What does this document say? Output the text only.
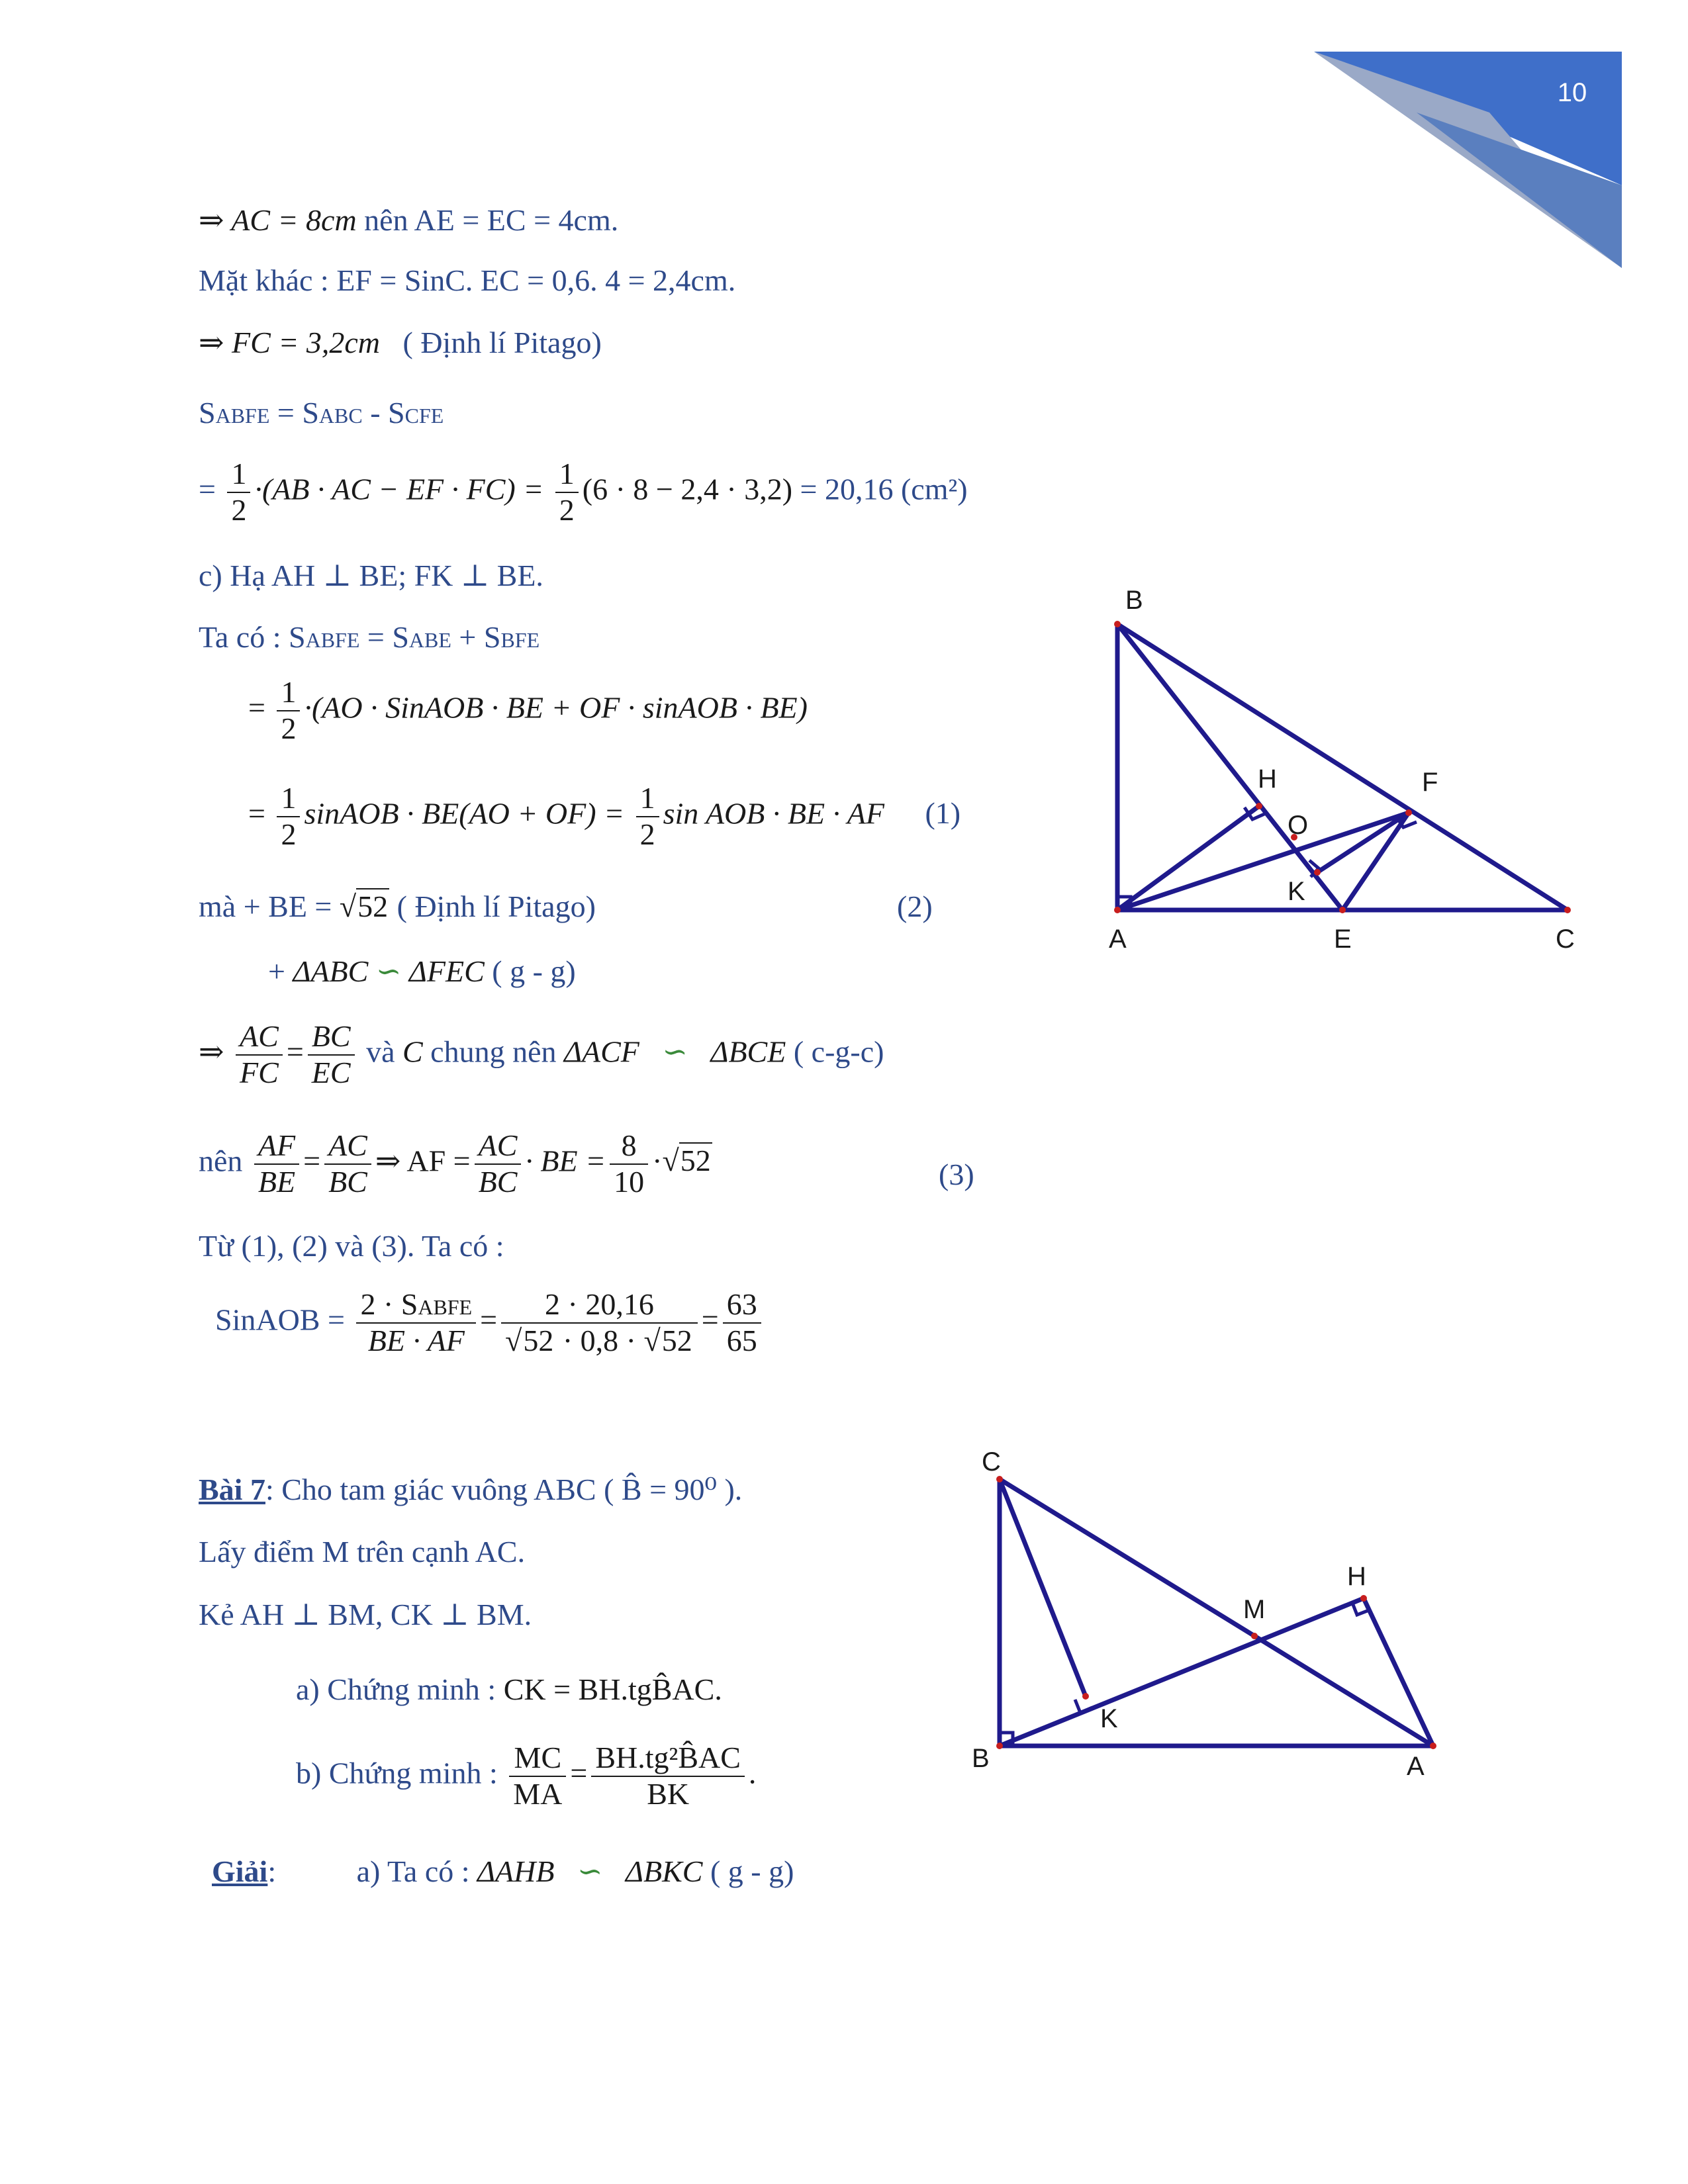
10
⇒ AC = 8cm nên AE = EC = 4cm.
Mặt khác : EF = SinC. EC = 0,6. 4 = 2,4cm.
⇒ FC = 3,2cm ( Định lí Pitago)
SABFE = SABC - SCFE
= $\frac{1}{2} \cdot(AB$ · AC − EF · $FC) = \frac{1}{2} (6 \cdot 8 - 2,4 \cdot 3,2) = 20,16$ (cm²)
c) Hạ AH ⊥ BE; FK ⊥ BE.
Ta có : SABFE = SABE + SBFE
= $\frac{1}{2} \cdot(AO$ · SinAOB · BE + OF · sinAOB · BE)
= $\frac{1}{2}$ sinAOB · $BE(AO + OF) = \frac{1}{2}$ sin AOB · BE · AF (1)
mà + BE = √52 ( Định lí Pitago)	(2)
+ ΔABC ∽ ΔFEC ( g - g)
⇒ $\frac{AC}{FC} = \frac{BC}{EC}$ và C chung nên ΔACF   ∽   ΔBCE ( c-g-c)
nên $\frac{AF}{BE} = \frac{AC}{BC}$ ⇒ AF = $\frac{AC}{BC}$ · BE = $\frac{8}{10} \cdot√52$	(3)
Từ (1), (2) và (3). Ta có :
SinAOB = $\frac{\text{2 · SABFE}}{BE \cdot AF} = \frac{2 \cdot 20,16}{√52 \cdot 0,8 \cdot √52} = \frac{63}{65}$
Bài 7: Cho tam giác vuông ABC ( B̂ = 90⁰ ).
Lấy điểm M trên cạnh AC.
Kẻ AH ⊥ BM, CK ⊥ BM.
a) Chứng minh : CK = BH.tgB̂AC.
b) Chứng minh : $\frac{MC}{MA} = \frac{\text{BH.tg²B̂AC}}{BK}$ .
Giải:	a) Ta có : ΔAHB   ∽   ΔBKC ( g - g)
B
H	F
O
K
A	E	C
C
H
M
K
B	A
